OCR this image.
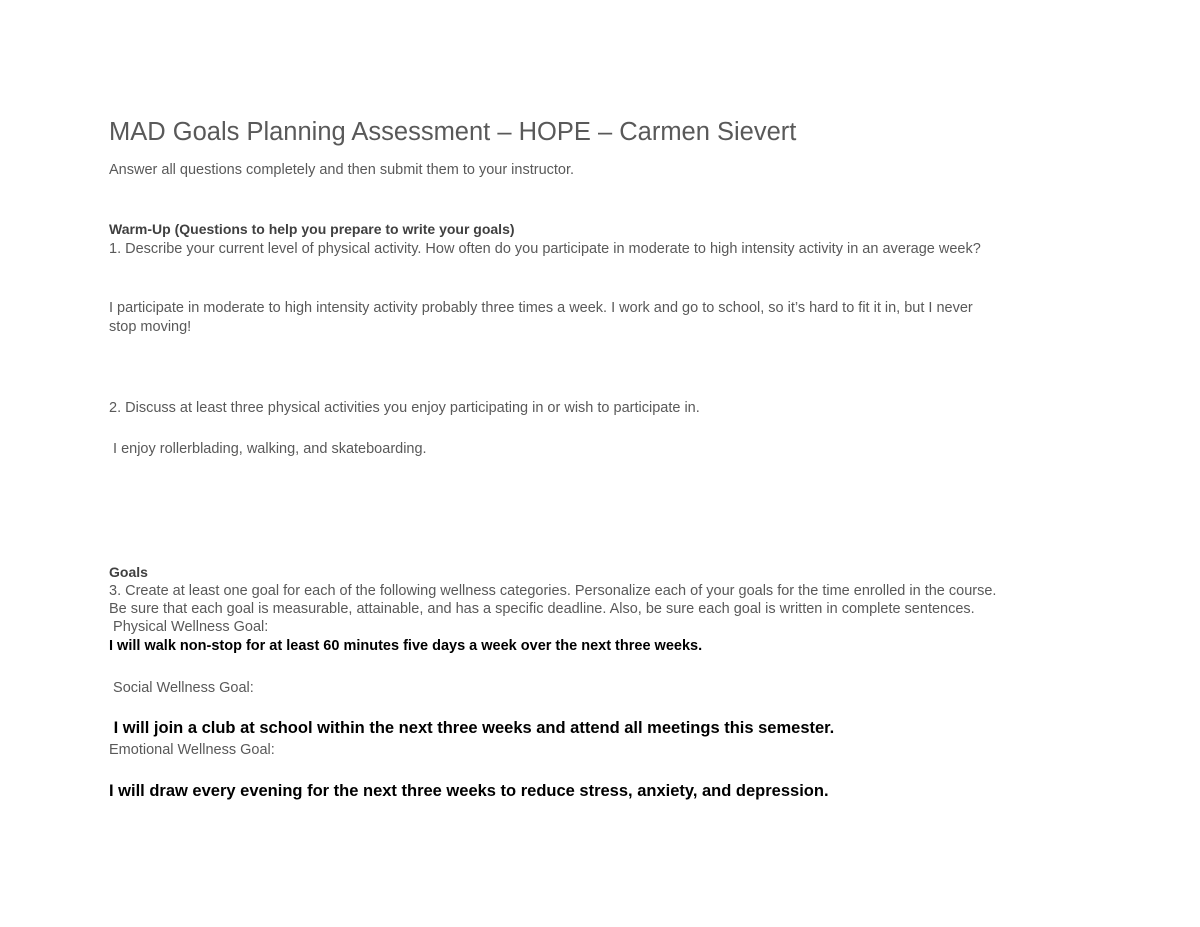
MAD Goals Planning Assessment – HOPE – Carmen Sievert

Answer all questions completely and then submit them to your instructor.

Warm-Up (Questions to help you prepare to write your goals)

1. Describe your current level of physical activity. How often do you participate in moderate to high intensity activity in an average week?

I participate in moderate to high intensity activity probably three times a week. I work and go to school, so it’s hard to fit it in, but I never

stop moving!

2. Discuss at least three physical activities you enjoy participating in or wish to participate in.

I enjoy rollerblading, walking, and skateboarding.

Goals

3. Create at least one goal for each of the following wellness categories. Personalize each of your goals for the time enrolled in the course.

Be sure that each goal is measurable, attainable, and has a specific deadline. Also, be sure each goal is written in complete sentences.

Physical Wellness Goal:

I will walk non-stop for at least 60 minutes five days a week over the next three weeks.

Social Wellness Goal:

I will join a club at school within the next three weeks and attend all meetings this semester.

Emotional Wellness Goal:

I will draw every evening for the next three weeks to reduce stress, anxiety, and depression.
